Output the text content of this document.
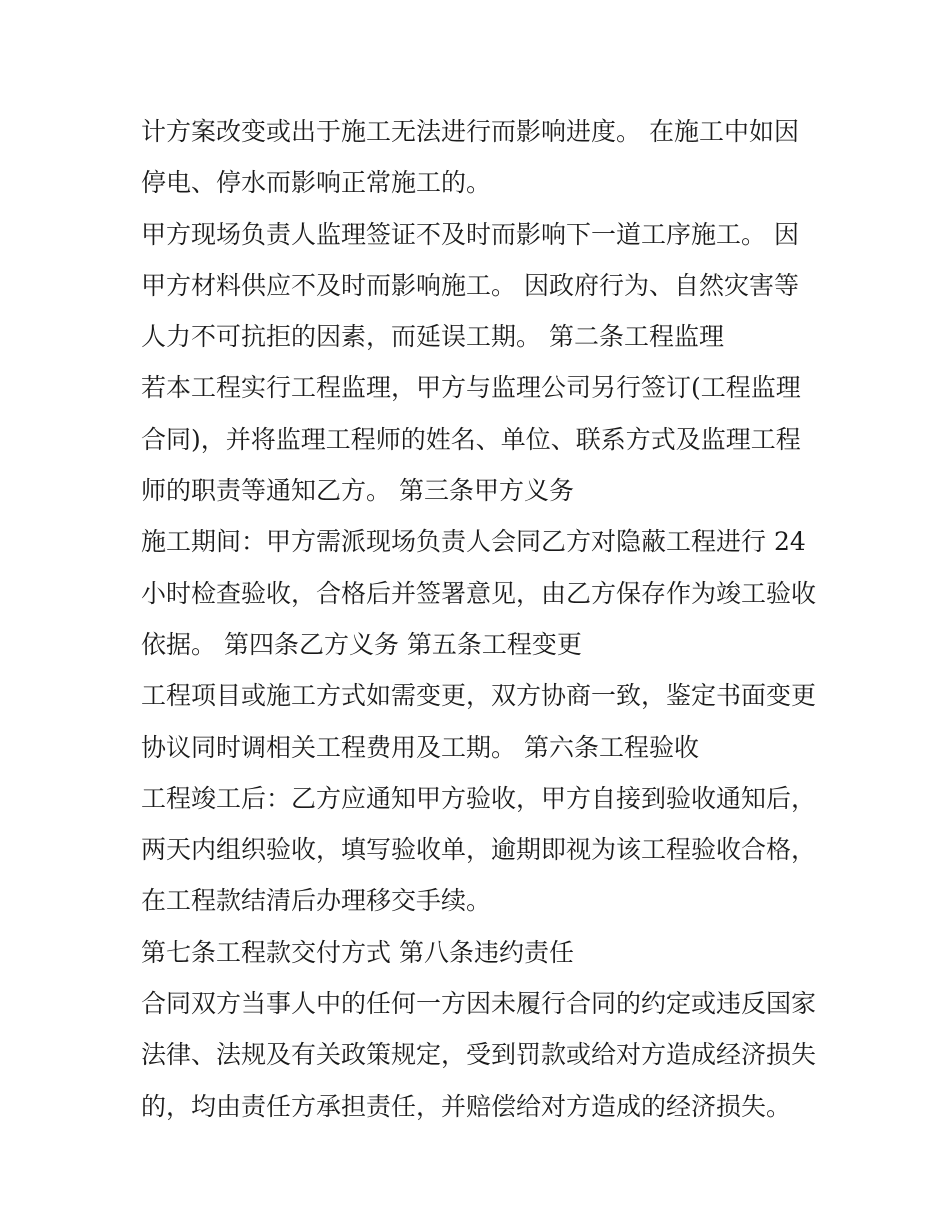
计方案改变或出于施工无法进行而影响进度。 在施工中如因
停电、停水而影响正常施工的。
甲方现场负责人监理签证不及时而影响下一道工序施工。 因
甲方材料供应不及时而影响施工。 因政府行为、自然灾害等
人力不可抗拒的因素，而延误工期。 第二条工程监理
若本工程实行工程监理，甲方与监理公司另行签订(工程监理
合同)，并将监理工程师的姓名、单位、联系方式及监理工程
师的职责等通知乙方。 第三条甲方义务
施工期间：甲方需派现场负责人会同乙方对隐蔽工程进行 24
小时检查验收，合格后并签署意见，由乙方保存作为竣工验收
依据。 第四条乙方义务 第五条工程变更
工程项目或施工方式如需变更，双方协商一致，鉴定书面变更
协议同时调相关工程费用及工期。 第六条工程验收
工程竣工后：乙方应通知甲方验收，甲方自接到验收通知后，
两天内组织验收，填写验收单，逾期即视为该工程验收合格，
在工程款结清后办理移交手续。
第七条工程款交付方式 第八条违约责任
合同双方当事人中的任何一方因未履行合同的约定或违反国家
法律、法规及有关政策规定，受到罚款或给对方造成经济损失
的，均由责任方承担责任，并赔偿给对方造成的经济损失。
